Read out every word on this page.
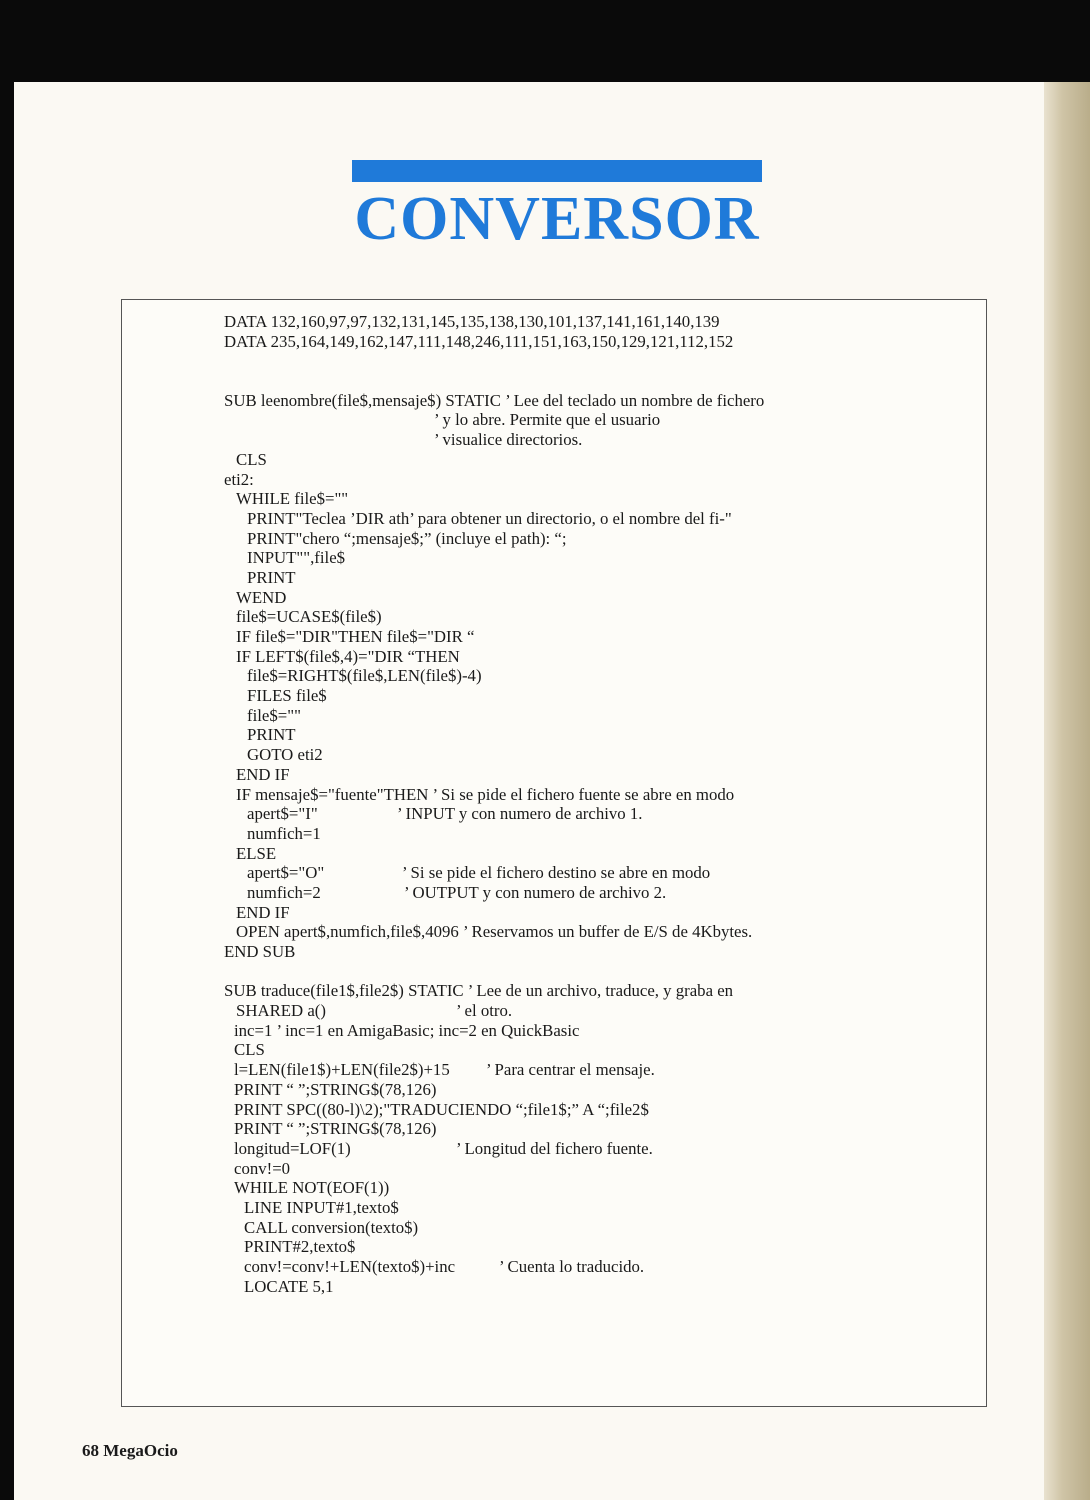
CONVERSOR
DATA 132,160,97,97,132,131,145,135,138,130,101,137,141,161,140,139
DATA 235,164,149,162,147,111,148,246,111,151,163,150,129,121,112,152
SUB leenombre(file$,mensaje$) STATIC ’ Lee del teclado un nombre de fichero
’ y lo abre. Permite que el usuario
’ visualice directorios.
CLS
eti2:
WHILE file$=""
PRINT"Teclea ’DIR ath’ para obtener un directorio, o el nombre del fi-"
PRINT"chero “;mensaje$;” (incluye el path): “;
INPUT"",file$
PRINT
WEND
file$=UCASE$(file$)
IF file$="DIR"THEN file$="DIR “
IF LEFT$(file$,4)="DIR “THEN
file$=RIGHT$(file$,LEN(file$)-4)
FILES file$
file$=""
PRINT
GOTO eti2
END IF
IF mensaje$="fuente"THEN ’ Si se pide el fichero fuente se abre en modo
apert$="I"	’ INPUT y con numero de archivo 1.
numfich=1
ELSE
apert$="O"	’ Si se pide el fichero destino se abre en modo
numfich=2	’ OUTPUT y con numero de archivo 2.
END IF
OPEN apert$,numfich,file$,4096 ’ Reservamos un buffer de E/S de 4Kbytes.
END SUB
SUB traduce(file1$,file2$) STATIC ’ Lee de un archivo, traduce, y graba en
SHARED a()	’ el otro.
inc=1 ’ inc=1 en AmigaBasic; inc=2 en QuickBasic
CLS
l=LEN(file1$)+LEN(file2$)+15 ’ Para centrar el mensaje.
PRINT “ ”;STRING$(78,126)
PRINT SPC((80-l)\2);"TRADUCIENDO “;file1$;” A “;file2$
PRINT “ ”;STRING$(78,126)
longitud=LOF(1)	’ Longitud del fichero fuente.
conv!=0
WHILE NOT(EOF(1))
LINE INPUT#1,texto$
CALL conversion(texto$)
PRINT#2,texto$
conv!=conv!+LEN(texto$)+inc	’ Cuenta lo traducido.
LOCATE 5,1
68 MegaOcio
